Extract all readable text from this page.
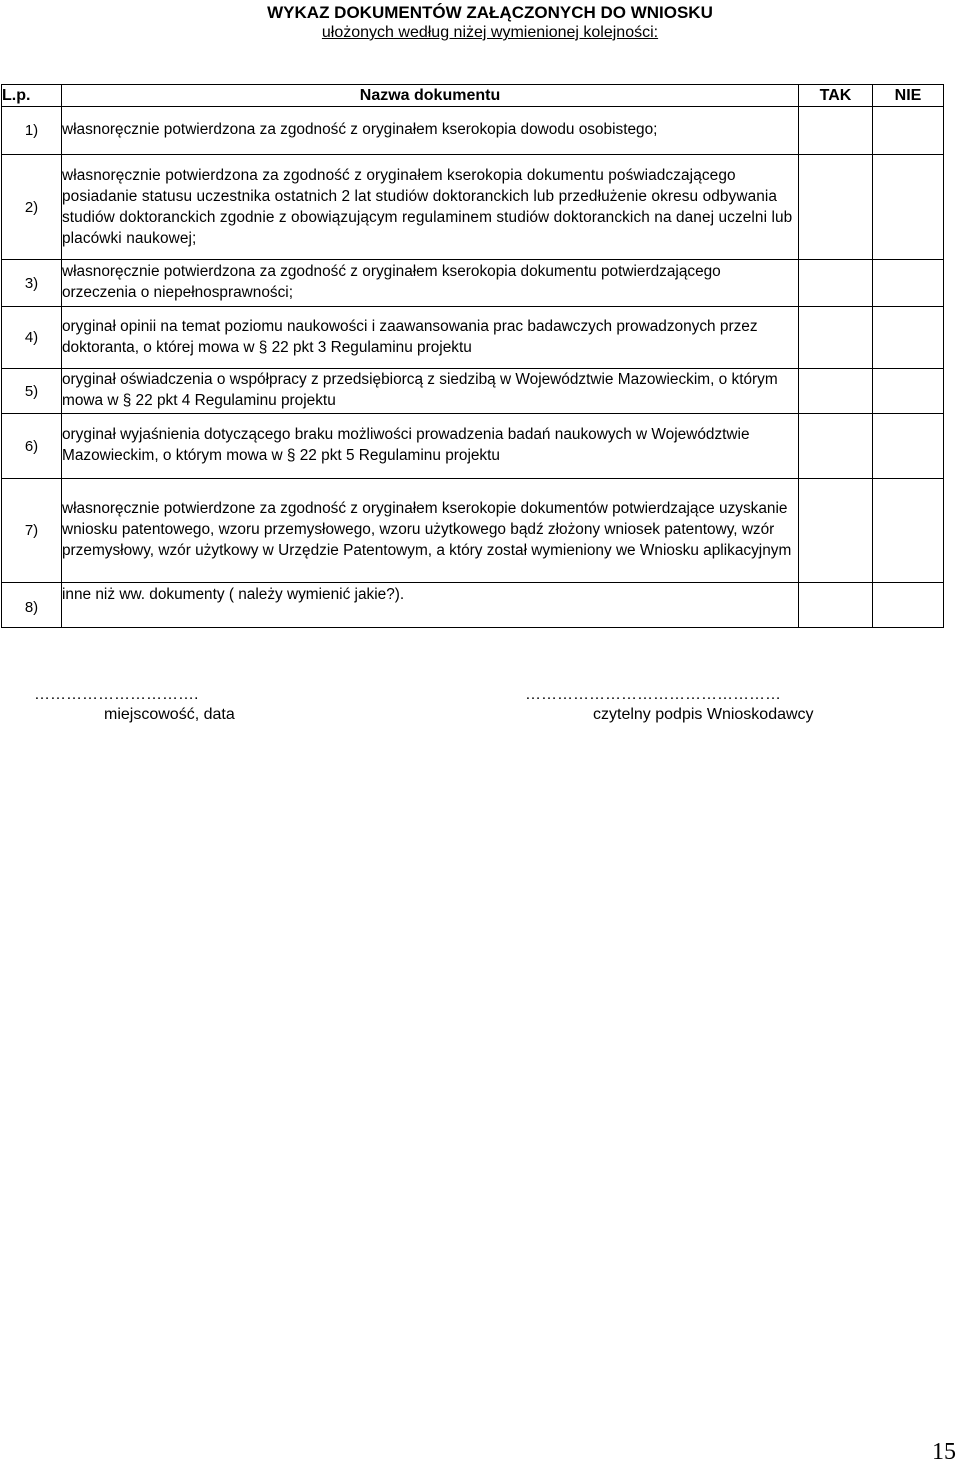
WYKAZ DOKUMENTÓW ZAŁĄCZONYCH DO WNIOSKU
ułożonych według niżej wymienionej kolejności:
L.p.	Nazwa dokumentu	TAK	NIE
1)	własnoręcznie potwierdzona za zgodność z oryginałem kserokopia dowodu osobistego;		
2)	własnoręcznie potwierdzona za zgodność z oryginałem kserokopia dokumentu poświadczającego posiadanie statusu uczestnika ostatnich 2 lat studiów doktoranckich lub przedłużenie okresu odbywania studiów doktoranckich zgodnie z obowiązującym regulaminem studiów doktoranckich na danej uczelni lub placówki naukowej;		
3)	własnoręcznie potwierdzona za zgodność z oryginałem kserokopia dokumentu potwierdzającego orzeczenia o niepełnosprawności;		
4)	oryginał opinii na temat poziomu naukowości i zaawansowania prac badawczych prowadzonych przez doktoranta, o której mowa w § 22 pkt 3 Regulaminu projektu		
5)	oryginał oświadczenia o współpracy z przedsiębiorcą z siedzibą w Województwie Mazowieckim, o którym mowa w § 22 pkt 4 Regulaminu projektu		
6)	oryginał wyjaśnienia dotyczącego braku możliwości prowadzenia badań naukowych w Województwie Mazowieckim, o którym mowa w § 22 pkt 5 Regulaminu projektu		
7)	własnoręcznie potwierdzone za zgodność z oryginałem kserokopie dokumentów potwierdzające uzyskanie wniosku patentowego, wzoru przemysłowego, wzoru użytkowego bądź złożony wniosek patentowy, wzór przemysłowy, wzór użytkowy w Urzędzie Patentowym, a który został wymieniony we Wniosku aplikacyjnym		
8)	inne niż ww. dokumenty ( należy wymienić jakie?).		
………………………….
miejscowość, data
…………………………………………
czytelny podpis Wnioskodawcy
15
